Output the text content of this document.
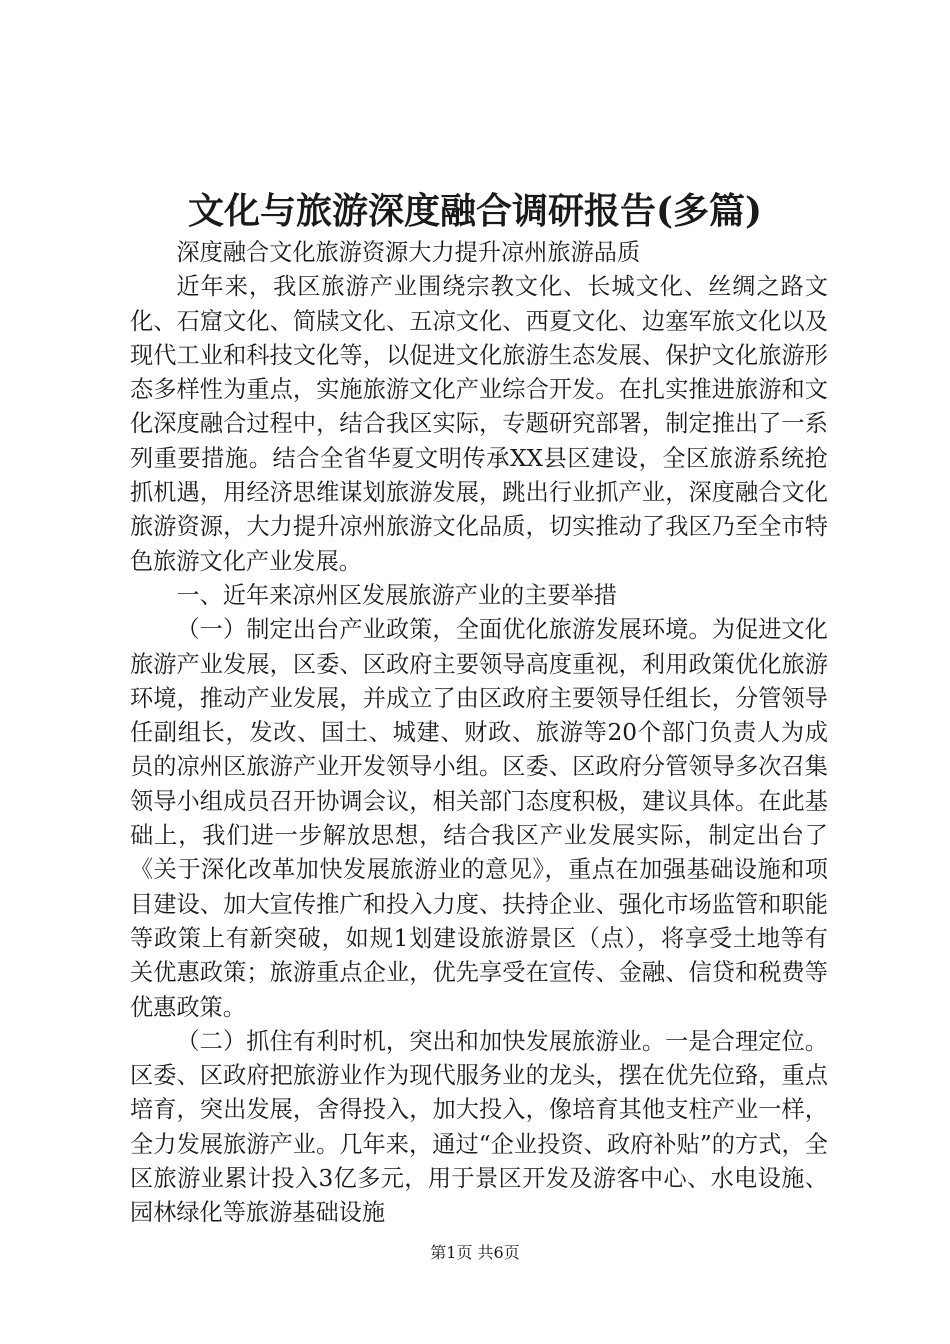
文化与旅游深度融合调研报告(多篇)

深度融合文化旅游资源大力提升凉州旅游品质

近年来，我区旅游产业围绕宗教文化、长城文化、丝绸之路文化、石窟文化、简牍文化、五凉文化、西夏文化、边塞军旅文化以及现代工业和科技文化等，以促进文化旅游生态发展、保护文化旅游形态多样性为重点，实施旅游文化产业综合开发。在扎实推进旅游和文化深度融合过程中，结合我区实际，专题研究部署，制定推出了一系列重要措施。结合全省华夏文明传承XX县区建设，全区旅游系统抢抓机遇，用经济思维谋划旅游发展，跳出行业抓产业，深度融合文化旅游资源，大力提升凉州旅游文化品质，切实推动了我区乃至全市特色旅游文化产业发展。

一、近年来凉州区发展旅游产业的主要举措

（一）制定出台产业政策，全面优化旅游发展环境。为促进文化旅游产业发展，区委、区政府主要领导高度重视，利用政策优化旅游环境，推动产业发展，并成立了由区政府主要领导任组长，分管领导任副组长，发改、国土、城建、财政、旅游等20个部门负责人为成员的凉州区旅游产业开发领导小组。区委、区政府分管领导多次召集领导小组成员召开协调会议，相关部门态度积极，建议具体。在此基础上，我们进一步解放思想，结合我区产业发展实际，制定出台了《关于深化改革加快发展旅游业的意见》，重点在加强基础设施和项目建设、加大宣传推广和投入力度、扶持企业、强化市场监管和职能等政策上有新突破，如规1划建设旅游景区（点），将享受土地等有关优惠政策；旅游重点企业，优先享受在宣传、金融、信贷和税费等优惠政策。

（二）抓住有利时机，突出和加快发展旅游业。一是合理定位。区委、区政府把旅游业作为现代服务业的龙头，摆在优先位臵，重点培育，突出发展，舍得投入，加大投入，像培育其他支柱产业一样，全力发展旅游产业。几年来，通过“企业投资、政府补贴”的方式，全区旅游业累计投入3亿多元，用于景区开发及游客中心、水电设施、园林绿化等旅游基础设施

第1页 共6页
